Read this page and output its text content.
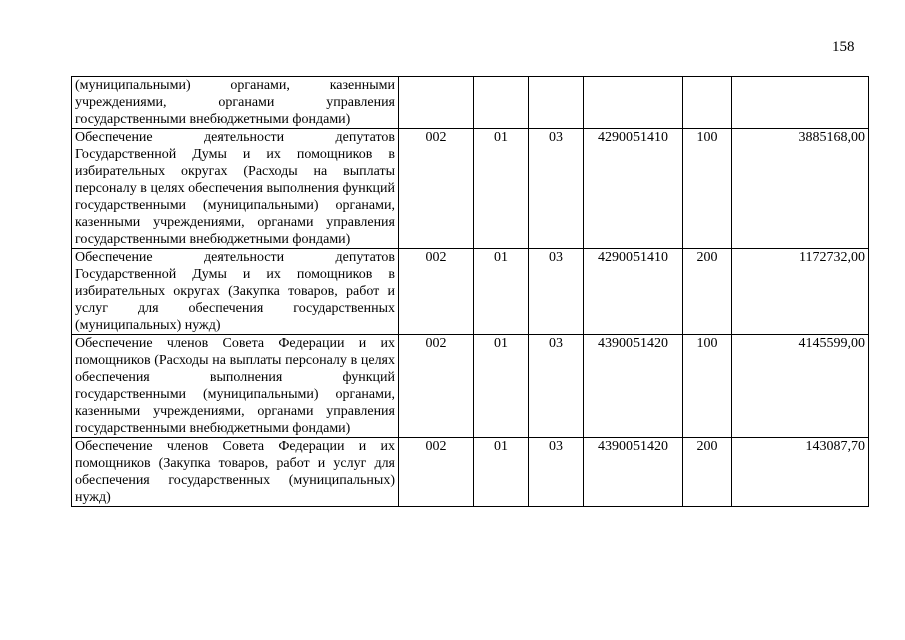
158
(муниципальными) органами, казенными учреждениями, органами управления государственными внебюджетными фондами)						
Обеспечение деятельности депутатов Государственной Думы и их помощников в избирательных округах (Расходы на выплаты персоналу в целях обеспечения выполнения функций государственными (муниципальными) органами, казенными учреждениями, органами управления государственными внебюджетными фондами)	002	01	03	4290051410	100	3885168,00
Обеспечение деятельности депутатов Государственной Думы и их помощников в избирательных округах (Закупка товаров, работ и услуг для обеспечения государственных (муниципальных) нужд)	002	01	03	4290051410	200	1172732,00
Обеспечение членов Совета Федерации и их помощников (Расходы на выплаты персоналу в целях обеспечения выполнения функций государственными (муниципальными) органами, казенными учреждениями, органами управления государственными внебюджетными фондами)	002	01	03	4390051420	100	4145599,00
Обеспечение членов Совета Федерации и их помощников (Закупка товаров, работ и услуг для обеспечения государственных (муниципальных) нужд)	002	01	03	4390051420	200	143087,70
